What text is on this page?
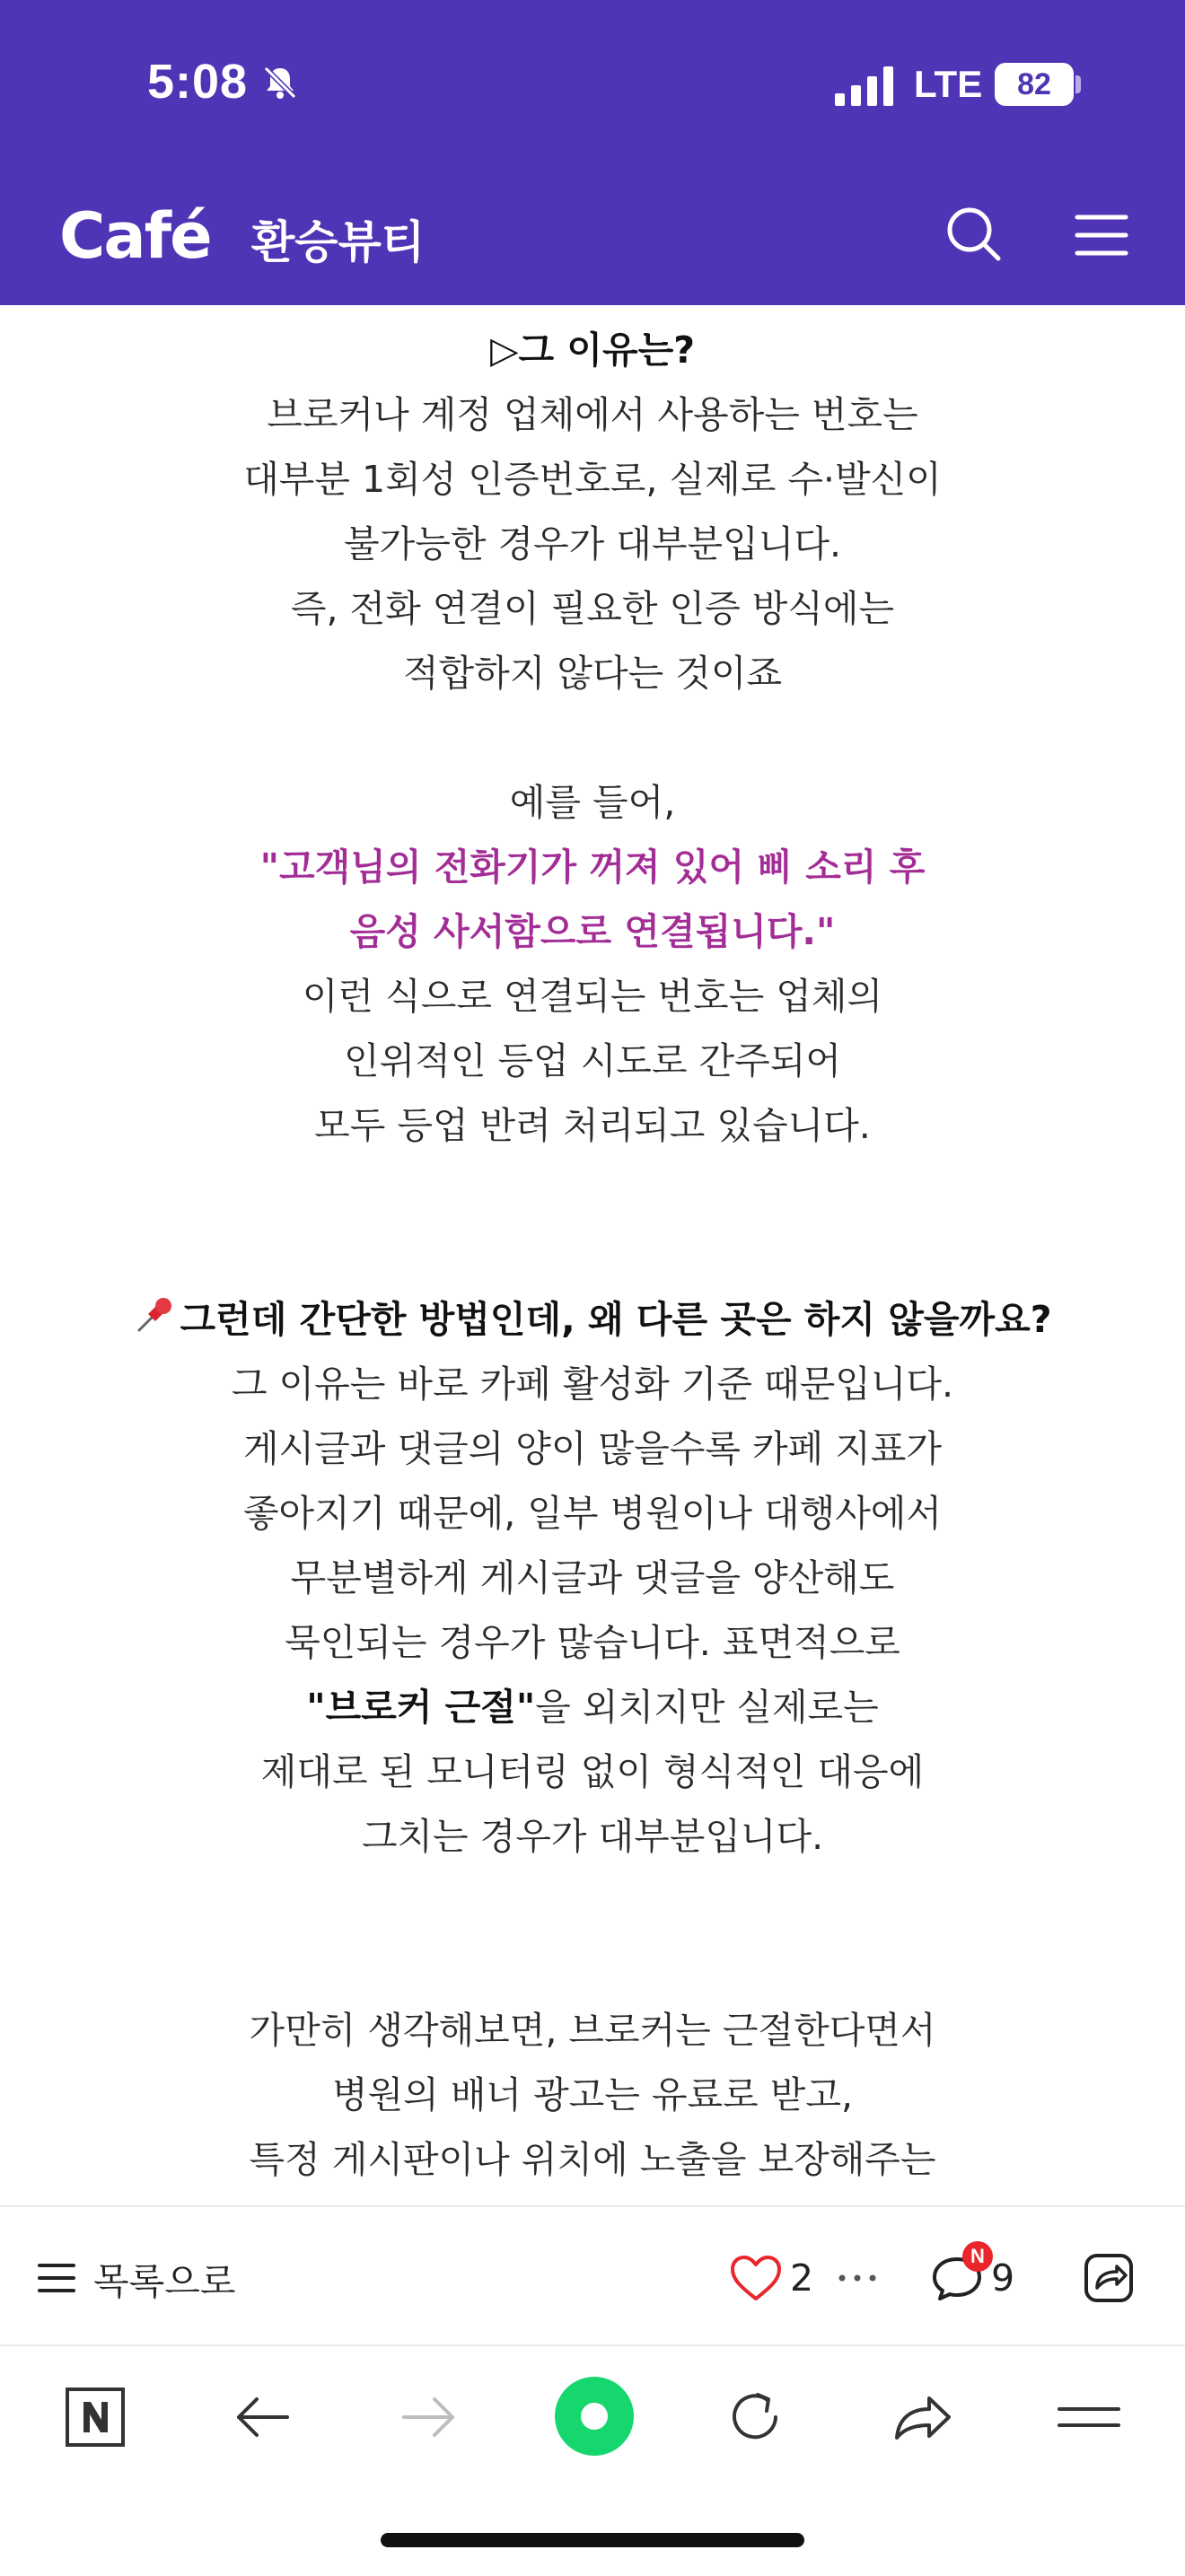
5:08	LTE	82
Café 환승뷰티
▷그 이유는?
브로커나 계정 업체에서 사용하는 번호는
대부분 1회성 인증번호로, 실제로 수·발신이
불가능한 경우가 대부분입니다.
즉, 전화 연결이 필요한 인증 방식에는
적합하지 않다는 것이죠
예를 들어,
"고객님의 전화기가 꺼져 있어 삐 소리 후
음성 사서함으로 연결됩니다."
이런 식으로 연결되는 번호는 업체의
인위적인 등업 시도로 간주되어
모두 등업 반려 처리되고 있습니다.
그런데 간단한 방법인데, 왜 다른 곳은 하지 않을까요?
그 이유는 바로 카페 활성화 기준 때문입니다.
게시글과 댓글의 양이 많을수록 카페 지표가
좋아지기 때문에, 일부 병원이나 대행사에서
무분별하게 게시글과 댓글을 양산해도
묵인되는 경우가 많습니다. 표면적으로
"브로커 근절"을 외치지만 실제로는
제대로 된 모니터링 없이 형식적인 대응에
그치는 경우가 대부분입니다.
가만히 생각해보면, 브로커는 근절한다면서
병원의 배너 광고는 유료로 받고,
특정 게시판이나 위치에 노출을 보장해주는
목록으로	2	9
N
